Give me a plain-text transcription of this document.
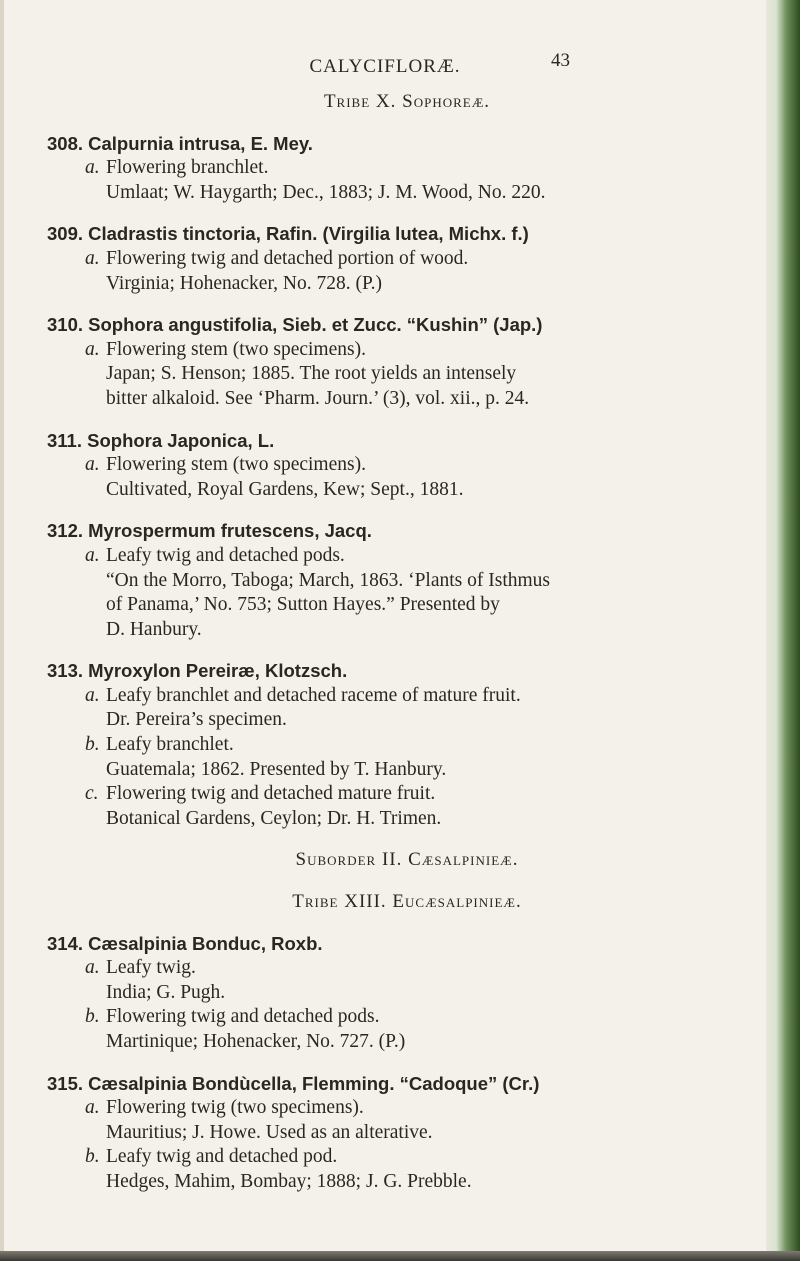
CALYCIFLORÆ.	43

Tribe X. Sophoreæ.

308. Calpurnia intrusa, E. Mey.
a. Flowering branchlet.
Umlaat; W. Haygarth; Dec., 1883; J. M. Wood, No. 220.
309. Cladrastis tinctoria, Rafin. (Virgilia lutea, Michx. f.)
a. Flowering twig and detached portion of wood.
Virginia; Hohenacker, No. 728. (P.)
310. Sophora angustifolia, Sieb. et Zucc. “Kushin” (Jap.)
a. Flowering stem (two specimens).
Japan; S. Henson; 1885. The root yields an intensely
bitter alkaloid. See ‘Pharm. Journ.’ (3), vol. xii., p. 24.
311. Sophora Japonica, L.
a. Flowering stem (two specimens).
Cultivated, Royal Gardens, Kew; Sept., 1881.
312. Myrospermum frutescens, Jacq.
a. Leafy twig and detached pods.
“On the Morro, Taboga; March, 1863. ‘Plants of Isthmus
of Panama,’ No. 753; Sutton Hayes.” Presented by
D. Hanbury.
313. Myroxylon Pereiræ, Klotzsch.
a. Leafy branchlet and detached raceme of mature fruit.
Dr. Pereira’s specimen.
b. Leafy branchlet.
Guatemala; 1862. Presented by T. Hanbury.
c. Flowering twig and detached mature fruit.
Botanical Gardens, Ceylon; Dr. H. Trimen.

Suborder II. Cæsalpinieæ.

Tribe XIII. Eucæsalpinieæ.

314. Cæsalpinia Bonduc, Roxb.
a. Leafy twig.
India; G. Pugh.
b. Flowering twig and detached pods.
Martinique; Hohenacker, No. 727. (P.)
315. Cæsalpinia Bondùcella, Flemming. “Cadoque” (Cr.)
a. Flowering twig (two specimens).
Mauritius; J. Howe. Used as an alterative.
b. Leafy twig and detached pod.
Hedges, Mahim, Bombay; 1888; J. G. Prebble.
